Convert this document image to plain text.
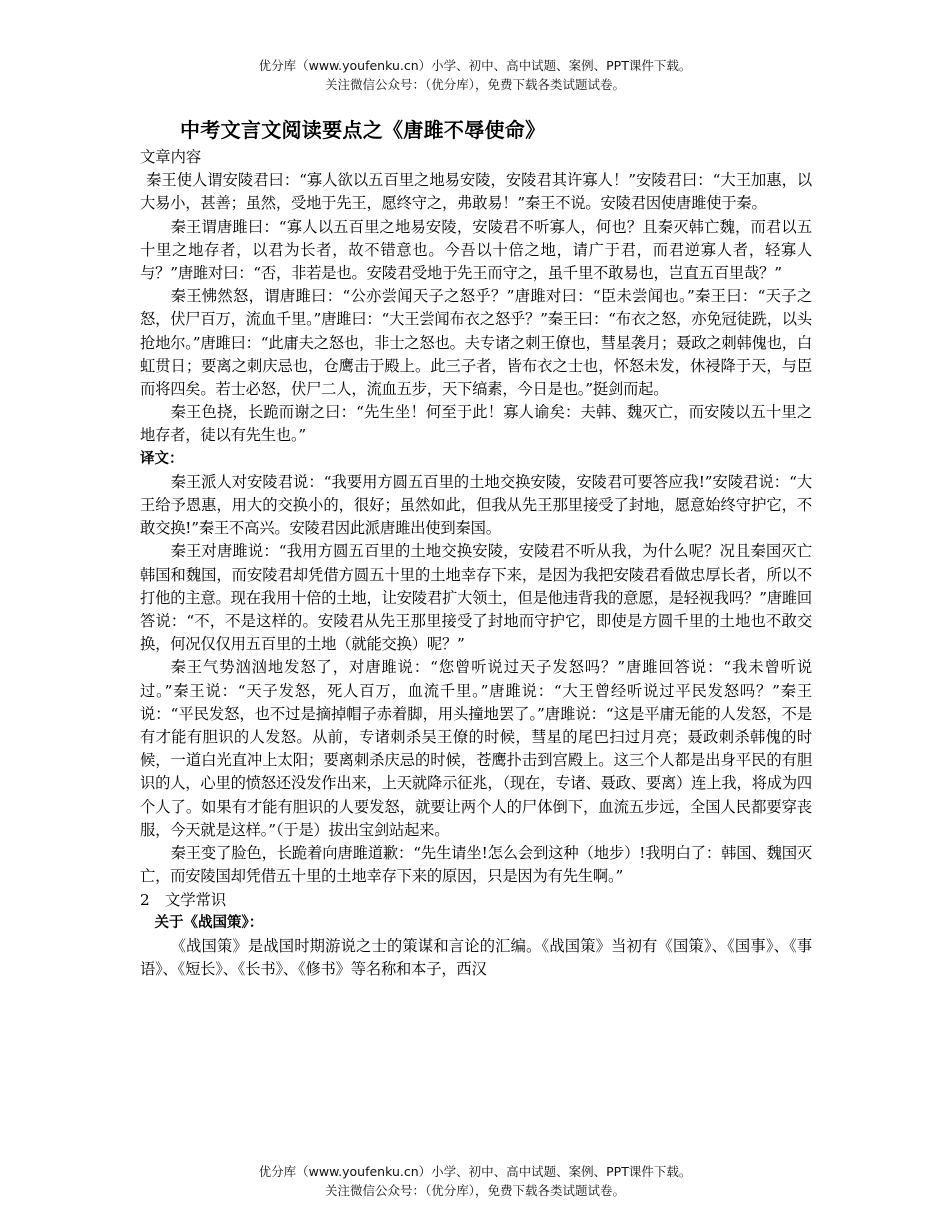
优分库（www.youfenku.cn）小学、初中、高中试题、案例、PPT课件下载。
关注微信公众号：（优分库），免费下载各类试题试卷。
中考文言文阅读要点之《唐雎不辱使命》
文章内容

秦王使人谓安陵君曰：“寡人欲以五百里之地易安陵，安陵君其许寡人！”安陵君曰：“大王加惠，以大易小，甚善；虽然，受地于先王，愿终守之，弗敢易！”秦王不说。安陵君因使唐雎使于秦。

秦王谓唐雎曰：“寡人以五百里之地易安陵，安陵君不听寡人，何也？且秦灭韩亡魏，而君以五十里之地存者，以君为长者，故不错意也。今吾以十倍之地，请广于君，而君逆寡人者，轻寡人与？”唐雎对曰：“否，非若是也。安陵君受地于先王而守之，虽千里不敢易也，岂直五百里哉？”

秦王怫然怒，谓唐雎曰：“公亦尝闻天子之怒乎？”唐雎对曰：“臣未尝闻也。”秦王曰：“天子之怒，伏尸百万，流血千里。”唐雎曰：“大王尝闻布衣之怒乎？”秦王曰：“布衣之怒，亦免冠徒跣，以头抢地尔。”唐雎曰：“此庸夫之怒也，非士之怒也。夫专诸之刺王僚也，彗星袭月；聂政之刺韩傀也，白虹贯日；要离之刺庆忌也，仓鹰击于殿上。此三子者，皆布衣之士也，怀怒未发，休祲降于天，与臣而将四矣。若士必怒，伏尸二人，流血五步，天下缟素，今日是也。”挺剑而起。

秦王色挠，长跪而谢之曰：“先生坐！何至于此！寡人谕矣：夫韩、魏灭亡，而安陵以五十里之地存者，徒以有先生也。”

译文：

秦王派人对安陵君说：“我要用方圆五百里的土地交换安陵，安陵君可要答应我!”安陵君说：“大王给予恩惠，用大的交换小的，很好；虽然如此，但我从先王那里接受了封地，愿意始终守护它，不敢交换!”秦王不高兴。安陵君因此派唐雎出使到秦国。

秦王对唐雎说：“我用方圆五百里的土地交换安陵，安陵君不听从我，为什么呢？况且秦国灭亡韩国和魏国，而安陵君却凭借方圆五十里的土地幸存下来，是因为我把安陵君看做忠厚长者，所以不打他的主意。现在我用十倍的土地，让安陵君扩大领土，但是他违背我的意愿，是轻视我吗？”唐雎回答说：“不，不是这样的。安陵君从先王那里接受了封地而守护它，即使是方圆千里的土地也不敢交换，何况仅仅用五百里的土地（就能交换）呢？”

秦王气势汹汹地发怒了，对唐雎说：“您曾听说过天子发怒吗？”唐雎回答说：“我未曾听说过。”秦王说：“天子发怒，死人百万，血流千里。”唐雎说：“大王曾经听说过平民发怒吗？”秦王说：“平民发怒，也不过是摘掉帽子赤着脚，用头撞地罢了。”唐雎说：“这是平庸无能的人发怒，不是有才能有胆识的人发怒。从前，专诸刺杀吴王僚的时候，彗星的尾巴扫过月亮；聂政刺杀韩傀的时候，一道白光直冲上太阳；要离刺杀庆忌的时候，苍鹰扑击到宫殿上。这三个人都是出身平民的有胆识的人，心里的愤怒还没发作出来，上天就降示征兆，（现在，专诸、聂政、要离）连上我，将成为四个人了。如果有才能有胆识的人要发怒，就要让两个人的尸体倒下，血流五步远，全国人民都要穿丧服，今天就是这样。”（于是）拔出宝剑站起来。

秦王变了脸色，长跪着向唐雎道歉：“先生请坐!怎么会到这种（地步）!我明白了：韩国、魏国灭亡，而安陵国却凭借五十里的土地幸存下来的原因，只是因为有先生啊。”

2　文学常识
关于《战国策》：

《战国策》是战国时期游说之士的策谋和言论的汇编。《战国策》当初有《国策》、《国事》、《事语》、《短长》、《长书》、《修书》等名称和本子，西汉

优分库（www.youfenku.cn）小学、初中、高中试题、案例、PPT课件下载。
关注微信公众号：（优分库），免费下载各类试题试卷。
